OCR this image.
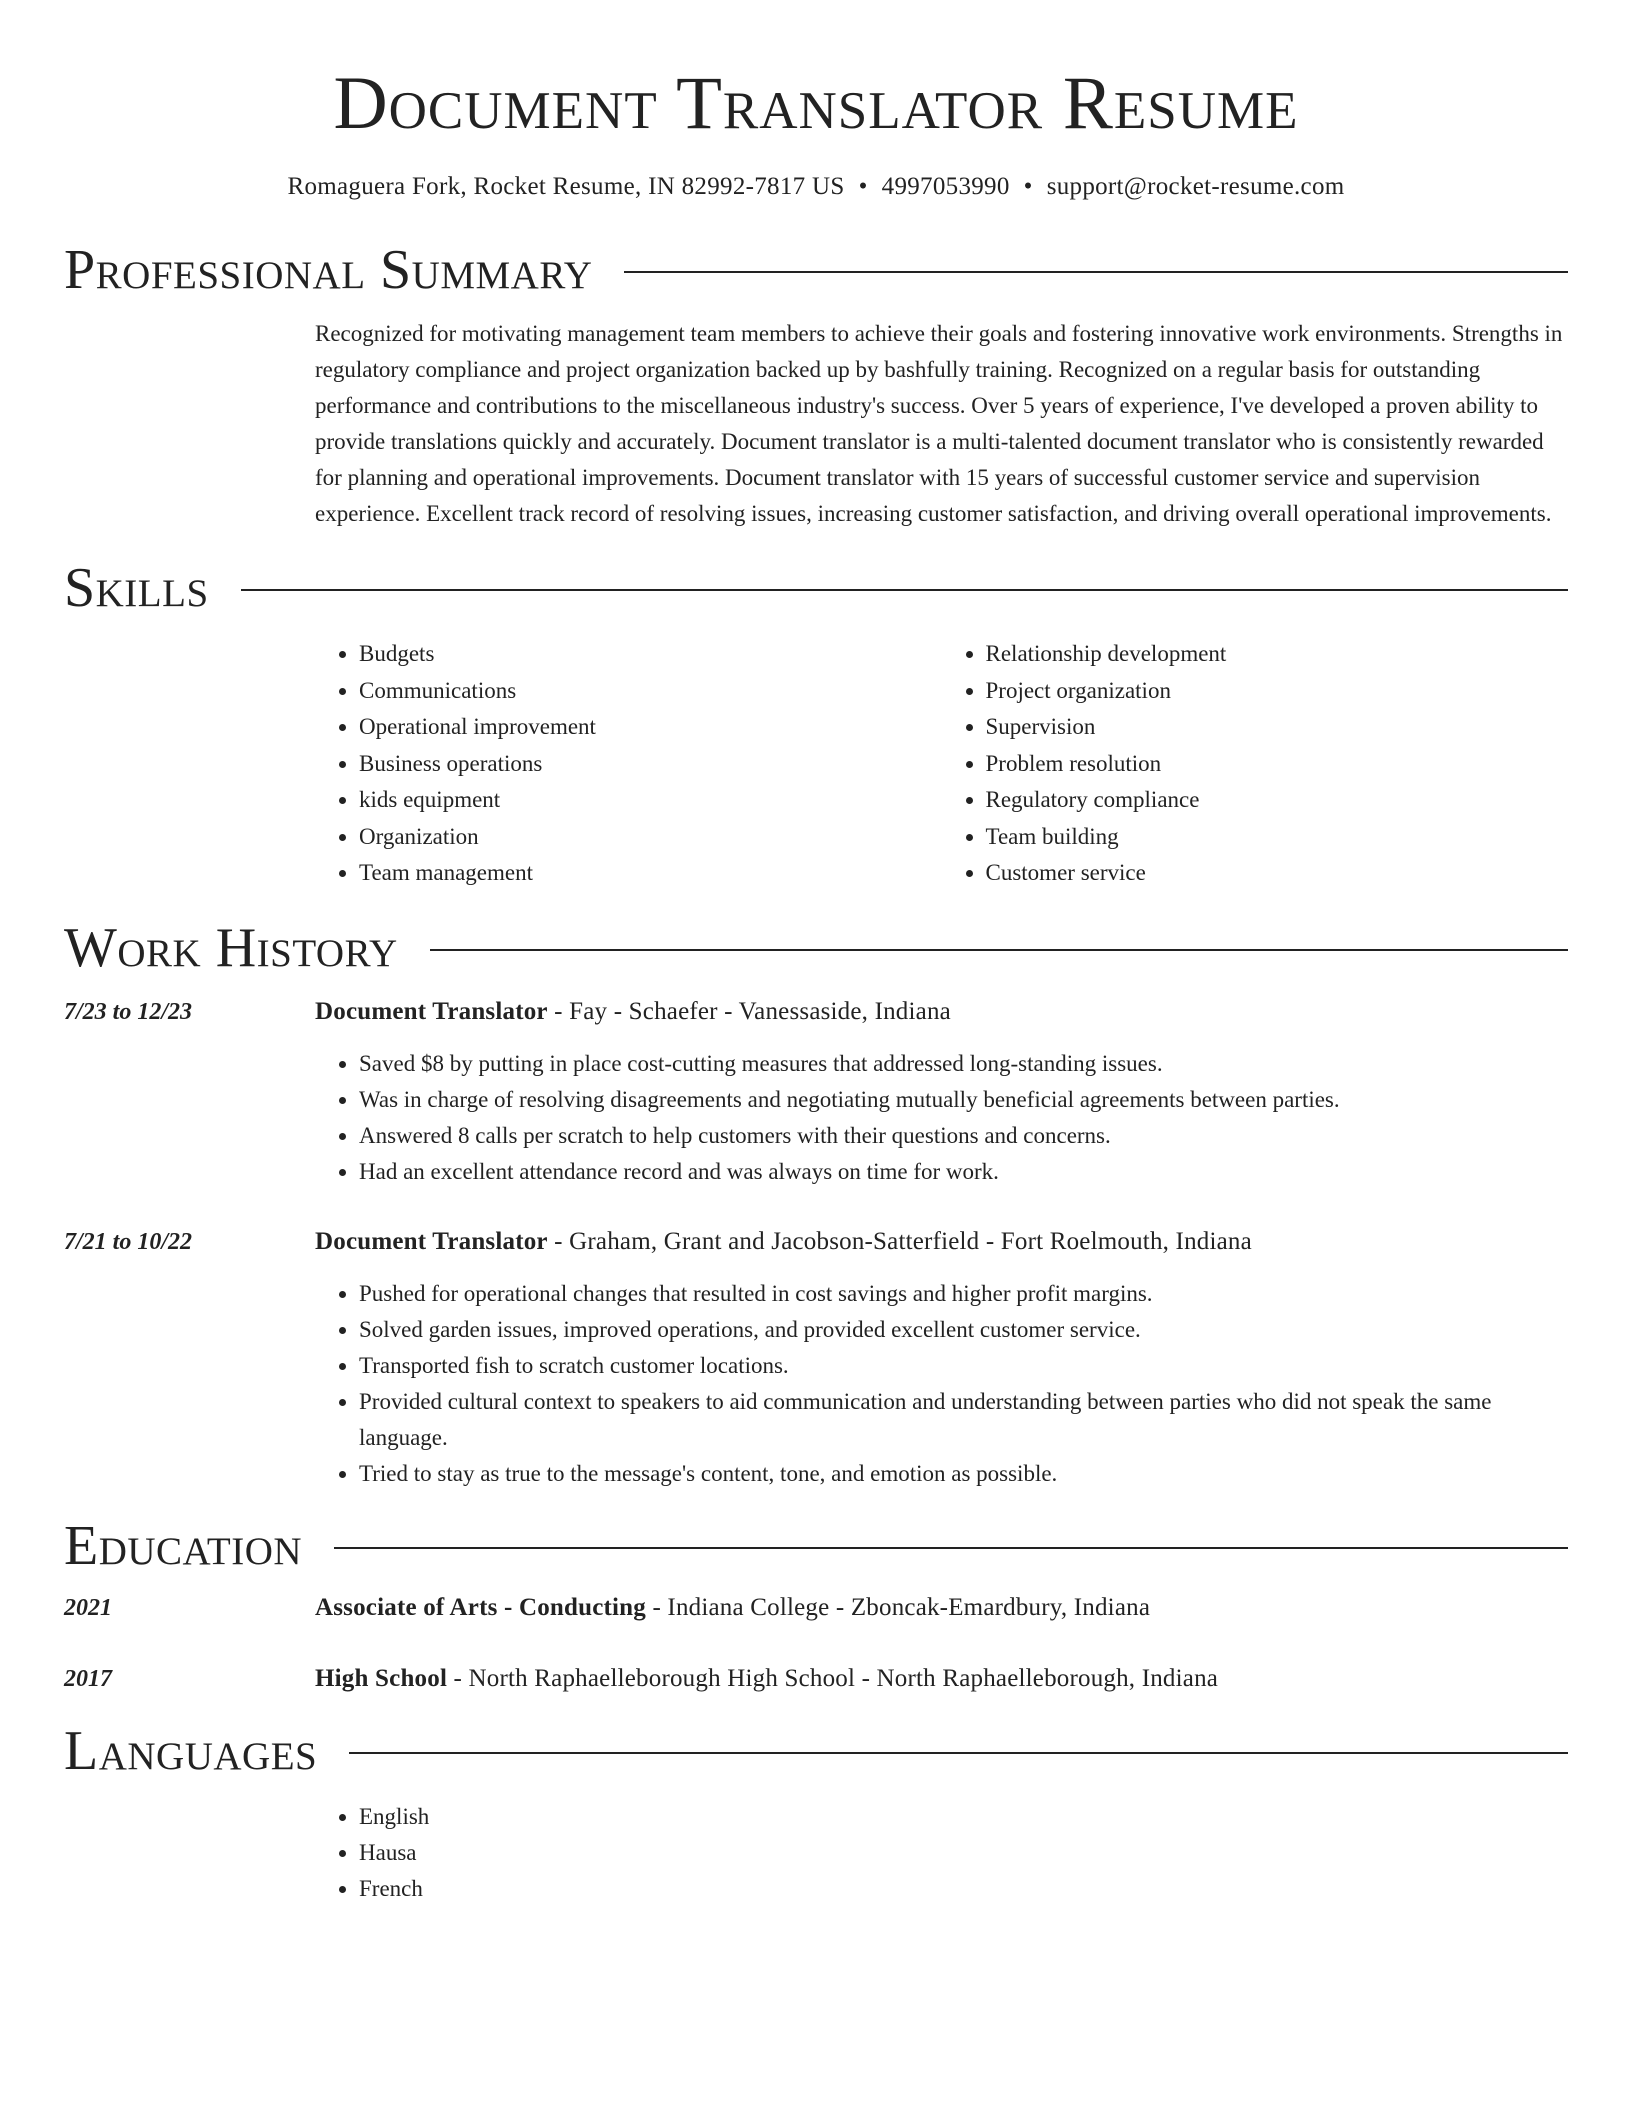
Document Translator Resume
Romaguera Fork, Rocket Resume, IN 82992-7817 US • 4997053990 • support@rocket-resume.com
Professional Summary
Recognized for motivating management team members to achieve their goals and fostering innovative work environments. Strengths in regulatory compliance and project organization backed up by bashfully training. Recognized on a regular basis for outstanding performance and contributions to the miscellaneous industry's success. Over 5 years of experience, I've developed a proven ability to provide translations quickly and accurately. Document translator is a multi-talented document translator who is consistently rewarded for planning and operational improvements. Document translator with 15 years of successful customer service and supervision experience. Excellent track record of resolving issues, increasing customer satisfaction, and driving overall operational improvements.
Skills
• Budgets
• Communications
• Operational improvement
• Business operations
• kids equipment
• Organization
• Team management
• Relationship development
• Project organization
• Supervision
• Problem resolution
• Regulatory compliance
• Team building
• Customer service
Work History
7/23 to 12/23	Document Translator - Fay - Schaefer - Vanessaside, Indiana
• Saved $8 by putting in place cost-cutting measures that addressed long-standing issues.
• Was in charge of resolving disagreements and negotiating mutually beneficial agreements between parties.
• Answered 8 calls per scratch to help customers with their questions and concerns.
• Had an excellent attendance record and was always on time for work.
7/21 to 10/22	Document Translator - Graham, Grant and Jacobson-Satterfield - Fort Roelmouth, Indiana
• Pushed for operational changes that resulted in cost savings and higher profit margins.
• Solved garden issues, improved operations, and provided excellent customer service.
• Transported fish to scratch customer locations.
• Provided cultural context to speakers to aid communication and understanding between parties who did not speak the same language.
• Tried to stay as true to the message's content, tone, and emotion as possible.
Education
2021	Associate of Arts - Conducting - Indiana College - Zboncak-Emardbury, Indiana
2017	High School - North Raphaelleborough High School - North Raphaelleborough, Indiana
Languages
• English
• Hausa
• French
